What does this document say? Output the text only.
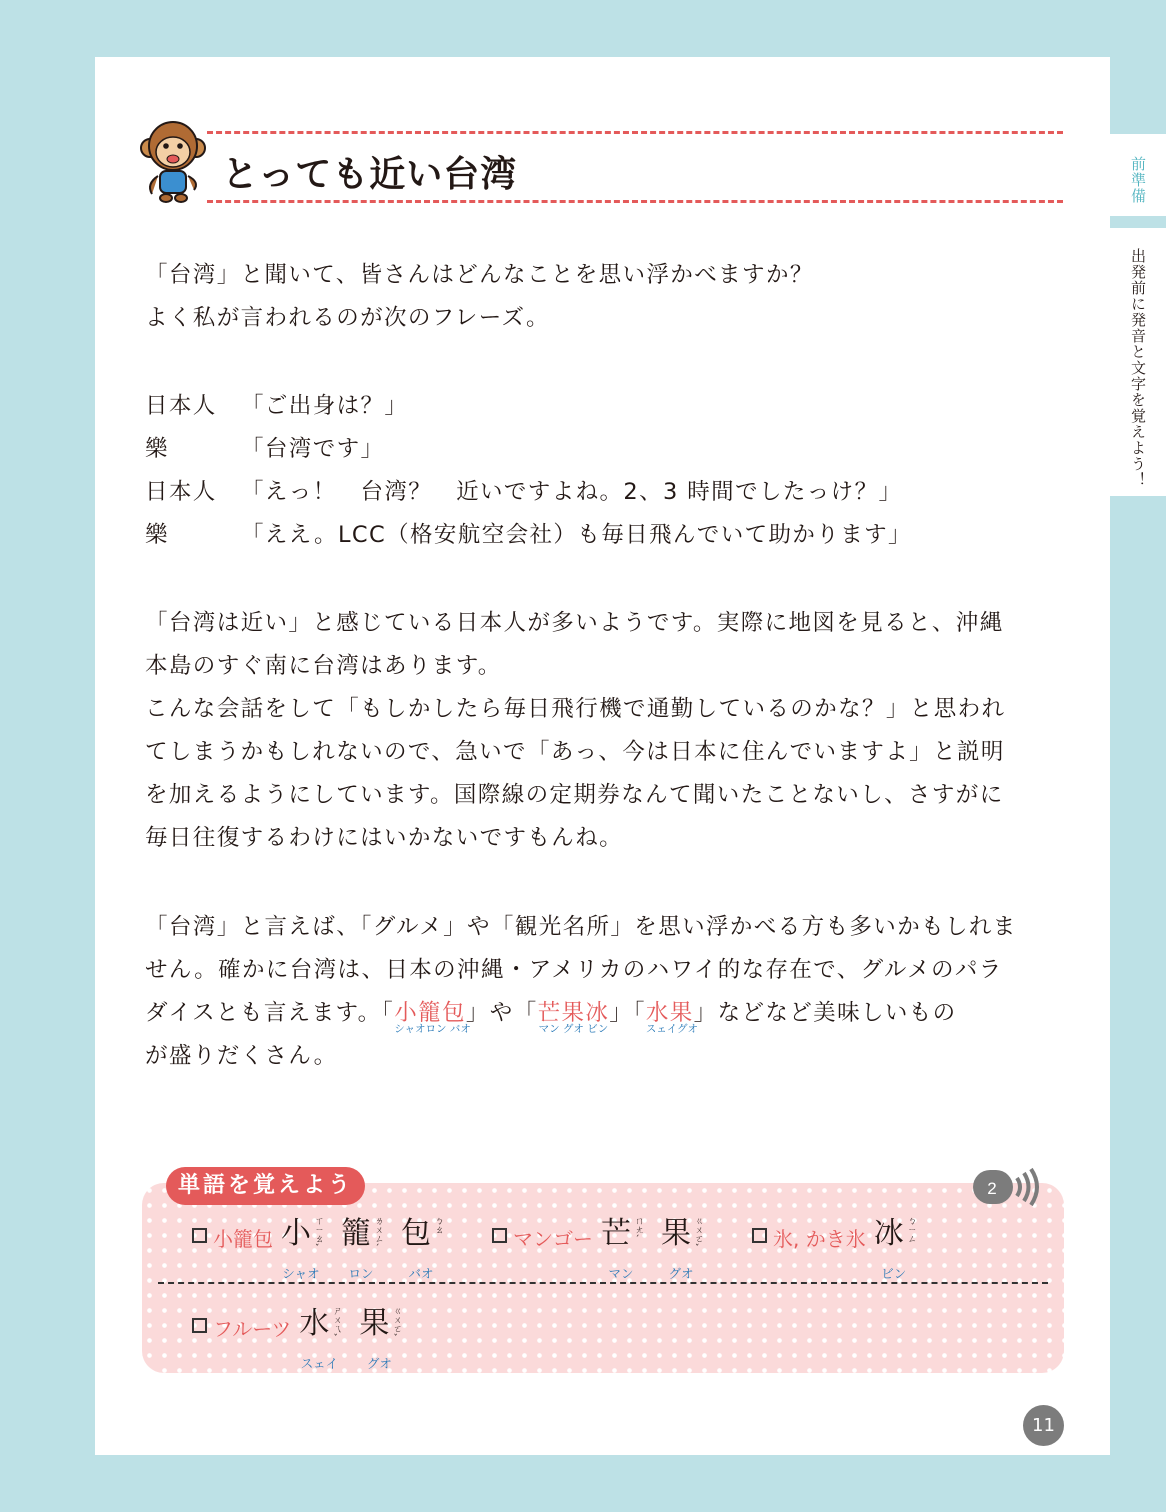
前準備
出発前に発音と文字を覚えよう！
とっても近い台湾
「台湾」と聞いて、皆さんはどんなことを思い浮かべますか？
よく私が言われるのが次のフレーズ。
日本人	「ご出身は？」
樂	「台湾です」
日本人	「えっ！　台湾？　近いですよね。2、3 時間でしたっけ？」
樂	「ええ。LCC（格安航空会社）も毎日飛んでいて助かります」
「台湾は近い」と感じている日本人が多いようです。実際に地図を見ると、沖縄
本島のすぐ南に台湾はあります。
こんな会話をして「もしかしたら毎日飛行機で通勤しているのかな？」と思われ
てしまうかもしれないので、急いで「あっ、今は日本に住んでいますよ」と説明
を加えるようにしています。国際線の定期券なんて聞いたことないし、さすがに
毎日往復するわけにはいかないですもんね。
「台湾」と言えば、「グルメ」や「観光名所」を思い浮かべる方も多いかもしれま
せん。確かに台湾は、日本の沖縄・アメリカのハワイ的な存在で、グルメのパラ
ダイスとも言えます。「小籠包
シャオロン バオ
」や「芒果冰
マン グオ ビン
」「水果
スェイグオ
」などなど美味しいもの
が盛りだくさん。
単語を覚えよう	2
小籠包 小 ㄒㄧㄠˇ
シャオ
籠 ㄌㄨㄥˊ
ロン
包 ㄅㄠ
バオ
マンゴー 芒 ㄇㄤˊ
マン
果 ㄍㄨㄛˇ
グオ
氷, かき氷 冰 ㄅㄧㄥ
ビン
フルーツ 水 ㄕㄨㄟˇ
スェイ
果 ㄍㄨㄛˇ
グオ
11
